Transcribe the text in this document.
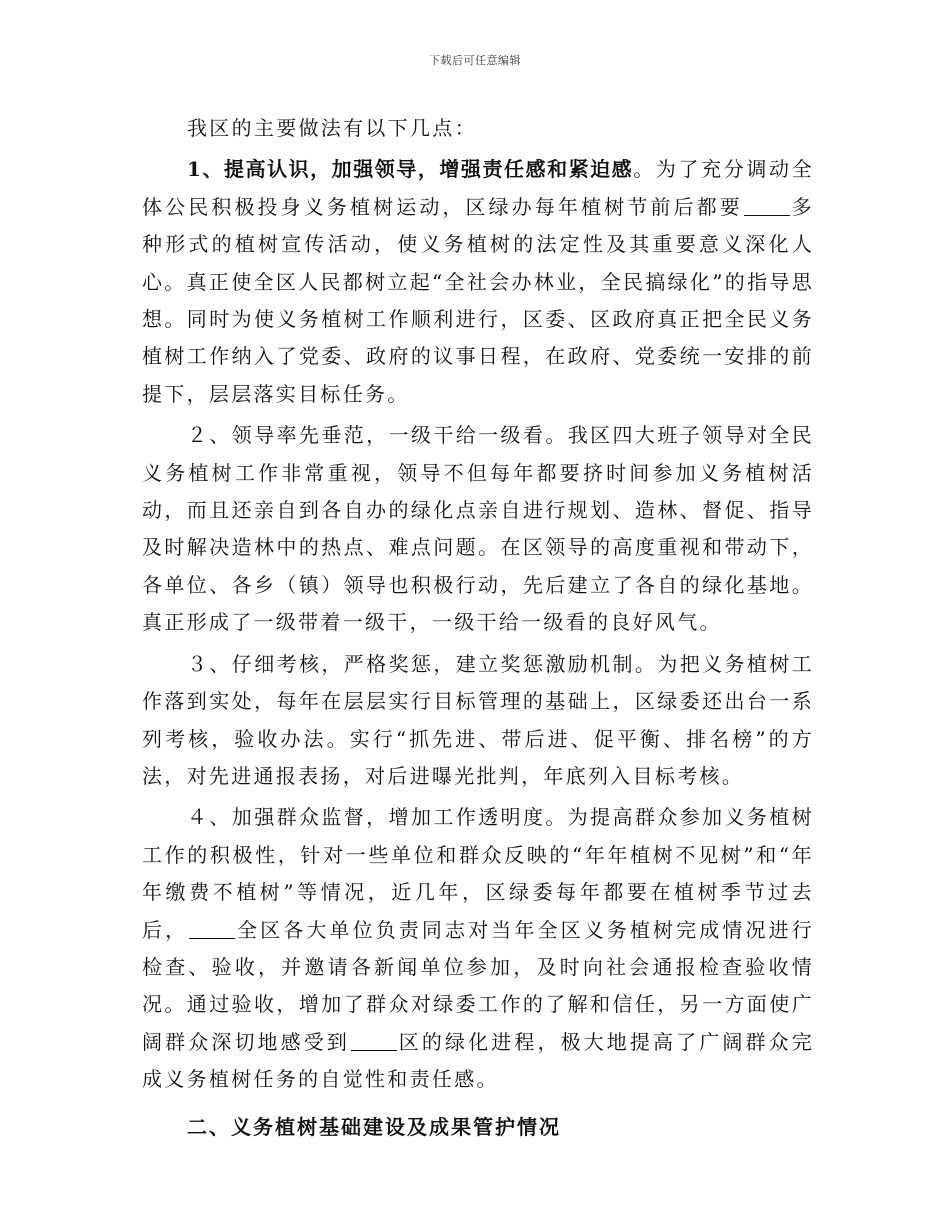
下载后可任意编辑

我区的主要做法有以下几点：

1、提高认识，加强领导，增强责任感和紧迫感。为了充分调动全体公民积极投身义务植树运动，区绿办每年植树节前后都要 多种形式的植树宣传活动，使义务植树的法定性及其重要意义深化人心。真正使全区人民都树立起“全社会办林业，全民搞绿化”的指导思想。同时为使义务植树工作顺利进行，区委、区政府真正把全民义务植树工作纳入了党委、政府的议事日程，在政府、党委统一安排的前提下，层层落实目标任务。

２、领导率先垂范，一级干给一级看。我区四大班子领导对全民义务植树工作非常重视，领导不但每年都要挤时间参加义务植树活动，而且还亲自到各自办的绿化点亲自进行规划、造林、督促、指导及时解决造林中的热点、难点问题。在区领导的高度重视和带动下，各单位、各乡（镇）领导也积极行动，先后建立了各自的绿化基地。真正形成了一级带着一级干，一级干给一级看的良好风气。

３、仔细考核，严格奖惩，建立奖惩激励机制。为把义务植树工作落到实处，每年在层层实行目标管理的基础上，区绿委还出台一系列考核，验收办法。实行“抓先进、带后进、促平衡、排名榜”的方法，对先进通报表扬，对后进曝光批判，年底列入目标考核。

４、加强群众监督，增加工作透明度。为提高群众参加义务植树工作的积极性，针对一些单位和群众反映的“年年植树不见树”和“年年缴费不植树”等情况，近几年，区绿委每年都要在植树季节过去后， 全区各大单位负责同志对当年全区义务植树完成情况进行检查、验收，并邀请各新闻单位参加，及时向社会通报检查验收情况。通过验收，增加了群众对绿委工作的了解和信任，另一方面使广阔群众深切地感受到 区的绿化进程，极大地提高了广阔群众完成义务植树任务的自觉性和责任感。

二、义务植树基础建设及成果管护情况
